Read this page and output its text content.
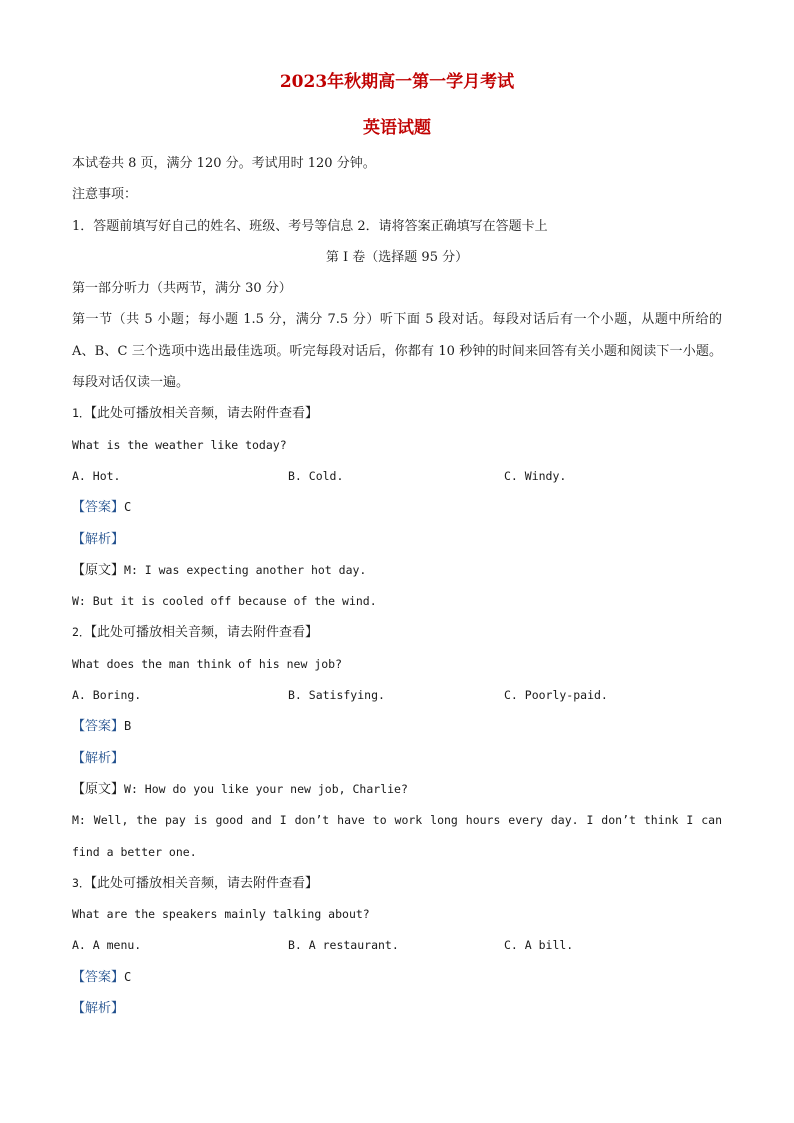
2023年秋期高一第一学月考试
英语试题
本试卷共 8 页，满分 120 分。考试用时 120 分钟。
注意事项：
1．答题前填写好自己的姓名、班级、考号等信息 2．请将答案正确填写在答题卡上
第 I 卷（选择题 95 分）
第一部分听力（共两节，满分 30 分）

第一节（共 5 小题；每小题 1.5 分，满分 7.5 分）听下面 5 段对话。每段对话后有一个小题，从题中所给的 A、B、C 三个选项中选出最佳选项。听完每段对话后，你都有 10 秒钟的时间来回答有关小题和阅读下一小题。每段对话仅读一遍。

1．【此处可播放相关音频，请去附件查看】
What is the weather like today?
A. Hot.	B. Cold.	C. Windy.
【答案】C
【解析】
【原文】M: I was expecting another hot day.
W: But it is cooled off because of the wind.
2．【此处可播放相关音频，请去附件查看】
What does the man think of his new job?
A. Boring.	B. Satisfying.	C. Poorly-paid.
【答案】B
【解析】
【原文】W: How do you like your new job, Charlie?

M: Well, the pay is good and I don’t have to work long hours every day. I don’t think I can find a better one.

3．【此处可播放相关音频，请去附件查看】
What are the speakers mainly talking about?
A. A menu.	B. A restaurant.	C. A bill.
【答案】C
【解析】
